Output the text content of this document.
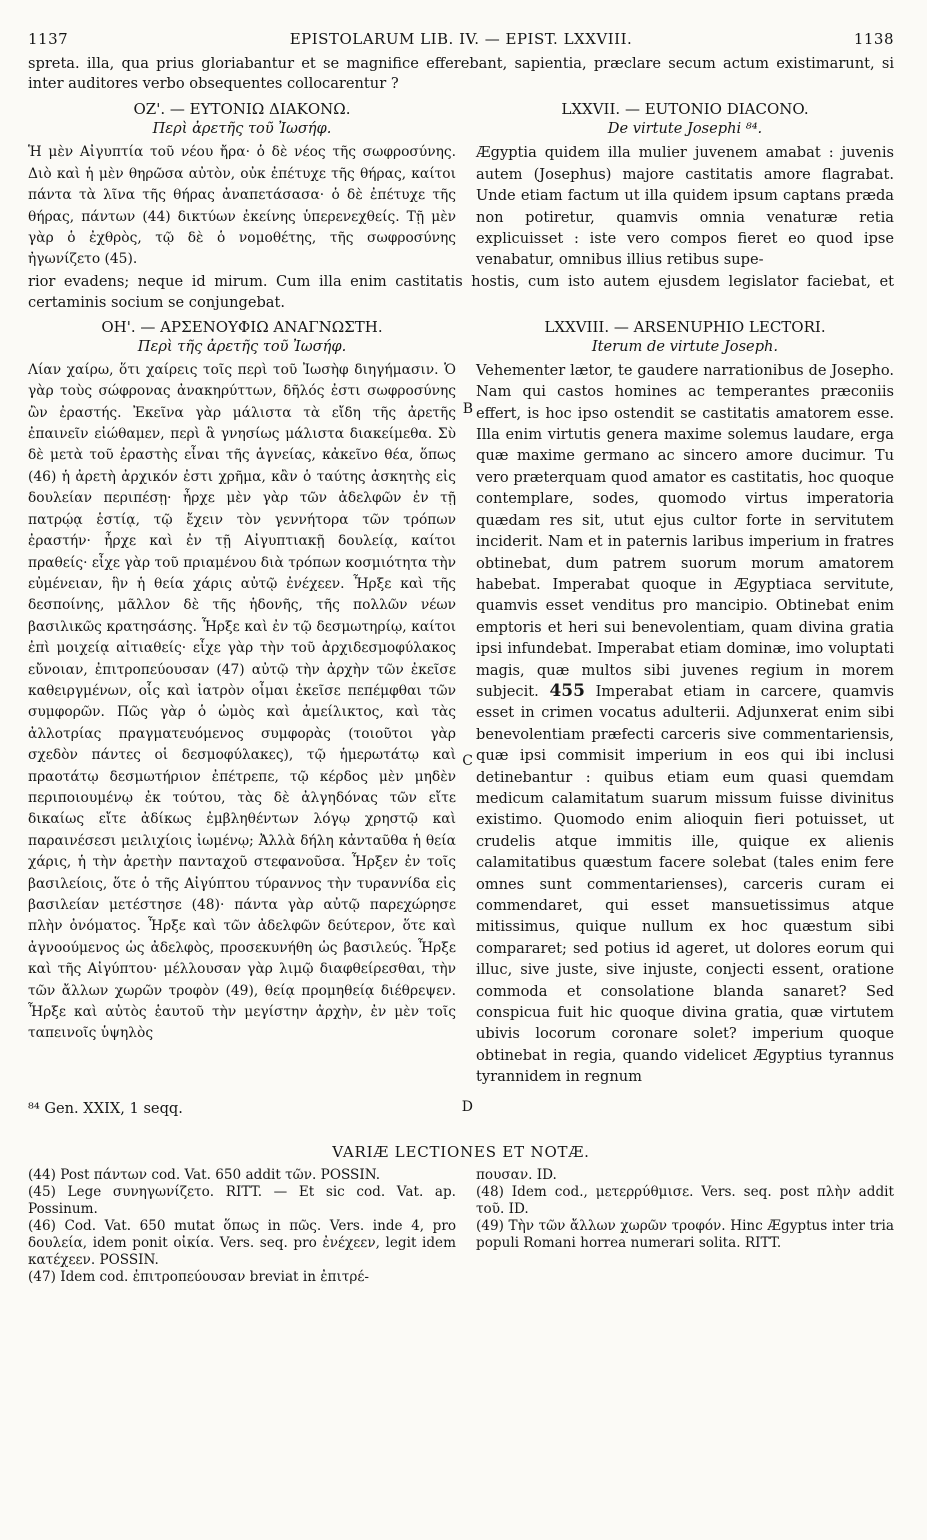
1137	EPISTOLARUM LIB. IV. — EPIST. LXXVIII.	1138
spreta. illa, qua prius gloriabantur et se magnifice efferebant, sapientia, præclare secum actum existimarunt, si inter auditores verbo obsequentes collocarentur ?
ΟΖ'. — ΕΥΤΟΝΙΩ ΔΙΑΚΟΝΩ.
Περὶ ἀρετῆς τοῦ Ἰωσήφ.
Ἡ μὲν Αἰγυπτία τοῦ νέου ἤρα· ὁ δὲ νέος τῆς σωφροσύνης. Διὸ καὶ ἡ μὲν θηρῶσα αὐτὸν, οὐκ ἐπέτυχε τῆς θήρας, καίτοι πάντα τὰ λῖνα τῆς θήρας ἀναπετάσασα· ὁ δὲ ἐπέτυχε τῆς θήρας, πάντων (44) δικτύων ἐκείνης ὑπερενεχθείς. Τῇ μὲν γὰρ ὁ ἐχθρὸς, τῷ δὲ ὁ νομοθέτης, τῆς σωφροσύνης ἠγωνίζετο (45).
LXXVII. — EUTONIO DIACONO.
De virtute Josephi ⁸⁴.
Ægyptia quidem illa mulier juvenem amabat : juvenis autem (Josephus) majore castitatis amore flagrabat. Unde etiam factum ut illa quidem ipsum captans præda non potiretur, quamvis omnia venaturæ retia explicuisset : iste vero compos fieret eo quod ipse venabatur, omnibus illius retibus supe-
rior evadens; neque id mirum. Cum illa enim castitatis hostis, cum isto autem ejusdem legislator faciebat, et certaminis socium se conjungebat.
ΟΗ'. — ΑΡΣΕΝΟΥΦΙΩ ΑΝΑΓΝΩΣΤΗ.
Περὶ τῆς ἀρετῆς τοῦ Ἰωσήφ.
Λίαν χαίρω, ὅτι χαίρεις τοῖς περὶ τοῦ Ἰωσὴφ διηγήμασιν. Ὁ γὰρ τοὺς σώφρονας ἀνακηρύττων, δῆλός ἐστι σωφροσύνης ὢν ἐραστής. Ἐκεῖνα γὰρ μάλιστα τὰ εἴδη τῆς ἀρετῆς ἐπαινεῖν εἰώθαμεν, περὶ ἃ γνησίως μάλιστα διακείμεθα. Σὺ δὲ μετὰ τοῦ ἐραστὴς εἶναι τῆς ἁγνείας, κἀκεῖνο θέα, ὅπως (46) ἡ ἀρετὴ ἀρχικόν ἐστι χρῆμα, κἂν ὁ ταύτης ἀσκητὴς εἰς δουλείαν περιπέσῃ· ἦρχε μὲν γὰρ τῶν ἀδελφῶν ἐν τῇ πατρῴᾳ ἑστίᾳ, τῷ ἔχειν τὸν γεννήτορα τῶν τρόπων ἐραστήν· ἦρχε καὶ ἐν τῇ Αἰγυπτιακῇ δουλείᾳ, καίτοι πραθείς· εἶχε γὰρ τοῦ πριαμένου διὰ τρόπων κοσμιότητα τὴν εὐμένειαν, ἣν ἡ θεία χάρις αὐτῷ ἐνέχεεν. Ἦρξε καὶ τῆς δεσποίνης, μᾶλλον δὲ τῆς ἡδονῆς, τῆς πολλῶν νέων βασιλικῶς κρατησάσης. Ἦρξε καὶ ἐν τῷ δεσμωτηρίῳ, καίτοι ἐπὶ μοιχείᾳ αἰτιαθείς· εἶχε γὰρ τὴν τοῦ ἀρχιδεσμοφύλακος εὔνοιαν, ἐπιτροπεύουσαν (47) αὐτῷ τὴν ἀρχὴν τῶν ἐκεῖσε καθειργμένων, οἷς καὶ ἰατρὸν οἶμαι ἐκεῖσε πεπέμφθαι τῶν συμφορῶν. Πῶς γὰρ ὁ ὠμὸς καὶ ἀμείλικτος, καὶ τὰς ἀλλοτρίας πραγματευόμενος συμφορὰς (τοιοῦτοι γὰρ σχεδὸν πάντες οἱ δεσμοφύλακες), τῷ ἡμερωτάτῳ καὶ πραοτάτῳ δεσμωτήριον ἐπέτρεπε, τῷ κέρδος μὲν μηδὲν περιποιουμένῳ ἐκ τούτου, τὰς δὲ ἀλγηδόνας τῶν εἴτε δικαίως εἴτε ἀδίκως ἐμβληθέντων λόγῳ χρηστῷ καὶ παραινέσεσι μειλιχίοις ἰωμένῳ; Ἀλλὰ δήλη κἀνταῦθα ἡ θεία χάρις, ἡ τὴν ἀρετὴν πανταχοῦ στεφανοῦσα. Ἦρξεν ἐν τοῖς βασιλείοις, ὅτε ὁ τῆς Αἰγύπτου τύραννος τὴν τυραννίδα εἰς βασιλείαν μετέστησε (48)· πάντα γὰρ αὐτῷ παρεχώρησε πλὴν ὀνόματος. Ἦρξε καὶ τῶν ἀδελφῶν δεύτερον, ὅτε καὶ ἀγνοούμενος ὡς ἀδελφὸς, προσεκυνήθη ὡς βασιλεύς. Ἦρξε καὶ τῆς Αἰγύπτου· μέλλουσαν γὰρ λιμῷ διαφθείρεσθαι, τὴν τῶν ἄλλων χωρῶν τροφὸν (49), θείᾳ προμηθείᾳ διέθρεψεν. Ἦρξε καὶ αὐτὸς ἑαυτοῦ τὴν μεγίστην ἀρχὴν, ἐν μὲν τοῖς ταπεινοῖς ὑψηλὸς
B
C
D
LXXVIII. — ARSENUPHIO LECTORI.
Iterum de virtute Joseph.
Vehementer lætor, te gaudere narrationibus de Josepho. Nam qui castos homines ac temperantes præconiis effert, is hoc ipso ostendit se castitatis amatorem esse. Illa enim virtutis genera maxime solemus laudare, erga quæ maxime germano ac sincero amore ducimur. Tu vero præterquam quod amator es castitatis, hoc quoque contemplare, sodes, quomodo virtus imperatoria quædam res sit, utut ejus cultor forte in servitutem inciderit. Nam et in paternis laribus imperium in fratres obtinebat, dum patrem suorum morum amatorem habebat. Imperabat quoque in Ægyptiaca servitute, quamvis esset venditus pro mancipio. Obtinebat enim emptoris et heri sui benevolentiam, quam divina gratia ipsi infundebat. Imperabat etiam dominæ, imo voluptati magis, quæ multos sibi juvenes regium in morem subjecit. 455 Imperabat etiam in carcere, quamvis esset in crimen vocatus adulterii. Adjunxerat enim sibi benevolentiam præfecti carceris sive commentariensis, quæ ipsi commisit imperium in eos qui ibi inclusi detinebantur : quibus etiam eum quasi quemdam medicum calamitatum suarum missum fuisse divinitus existimo. Quomodo enim alioquin fieri potuisset, ut crudelis atque immitis ille, quique ex alienis calamitatibus quæstum facere solebat (tales enim fere omnes sunt commentarienses), carceris curam ei commendaret, qui esset mansuetissimus atque mitissimus, quique nullum ex hoc quæstum sibi compararet; sed potius id ageret, ut dolores eorum qui illuc, sive juste, sive injuste, conjecti essent, oratione commoda et consolatione blanda sanaret? Sed conspicua fuit hic quoque divina gratia, quæ virtutem ubivis locorum coronare solet? imperium quoque obtinebat in regia, quando videlicet Ægyptius tyrannus tyrannidem in regnum
⁸⁴ Gen. XXIX, 1 seqq.
VARIÆ LECTIONES ET NOTÆ.

(44) Post πάντων cod. Vat. 650 addit τῶν. POSSIN.

(45) Lege συνηγωνίζετο. RITT. — Et sic cod. Vat. ap. Possinum.

(46) Cod. Vat. 650 mutat ὅπως in πῶς. Vers. inde 4, pro δουλεία, idem ponit οἰκία. Vers. seq. pro ἐνέχεεν, legit idem κατέχεεν. POSSIN.

(47) Idem cod. ἐπιτροπεύουσαν breviat in ἐπιτρέ-

πουσαν. ID.

(48) Idem cod., μετερρύθμισε. Vers. seq. post πλὴν addit τοῦ. ID.

(49) Τὴν τῶν ἄλλων χωρῶν τροφόν. Hinc Ægyptus inter tria populi Romani horrea numerari solita. RITT.
